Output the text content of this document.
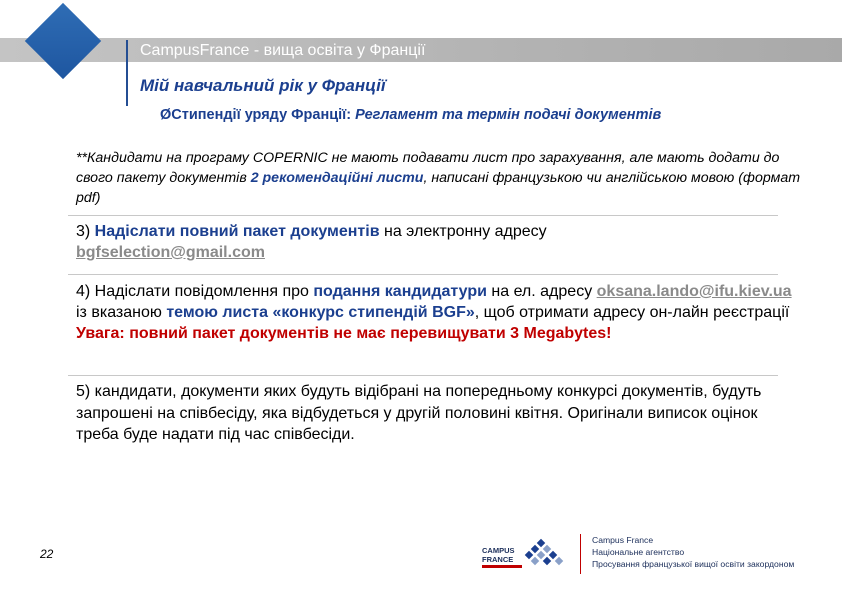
CampusFrance - вища освіта у Франції
Мій навчальний рік у Франції
ØСтипендії уряду Франції: Регламент та термін подачі документів
**Кандидати на програму COPERNIC не мають подавати лист про зарахування, але мають додати до свого пакету документів 2 рекомендаційні листи, написані французькою чи англійською мовою (формат pdf)
3) Надіслати повний пакет документів на электронну адресу
bgfselection@gmail.com
4) Надіслати повідомлення про подання кандидатури на ел. адресу oksana.lando@ifu.kiev.ua із вказаною темою листа «конкурс стипендій BGF», щоб отримати адресу он-лайн реєстрації
Увага: повний пакет документів не має перевищувати 3 Megabytes!
5) кандидати, документи яких будуть відібрані на попередньому конкурсі документів, будуть запрошені на співбесіду, яка відбудеться у другій половині квітня. Оригінали виписок оцінок треба буде надати під час співбесіди.
22	CAMPUS
FRANCE
Campus France
Національне агентство
Просування французької вищої освіти закордоном
